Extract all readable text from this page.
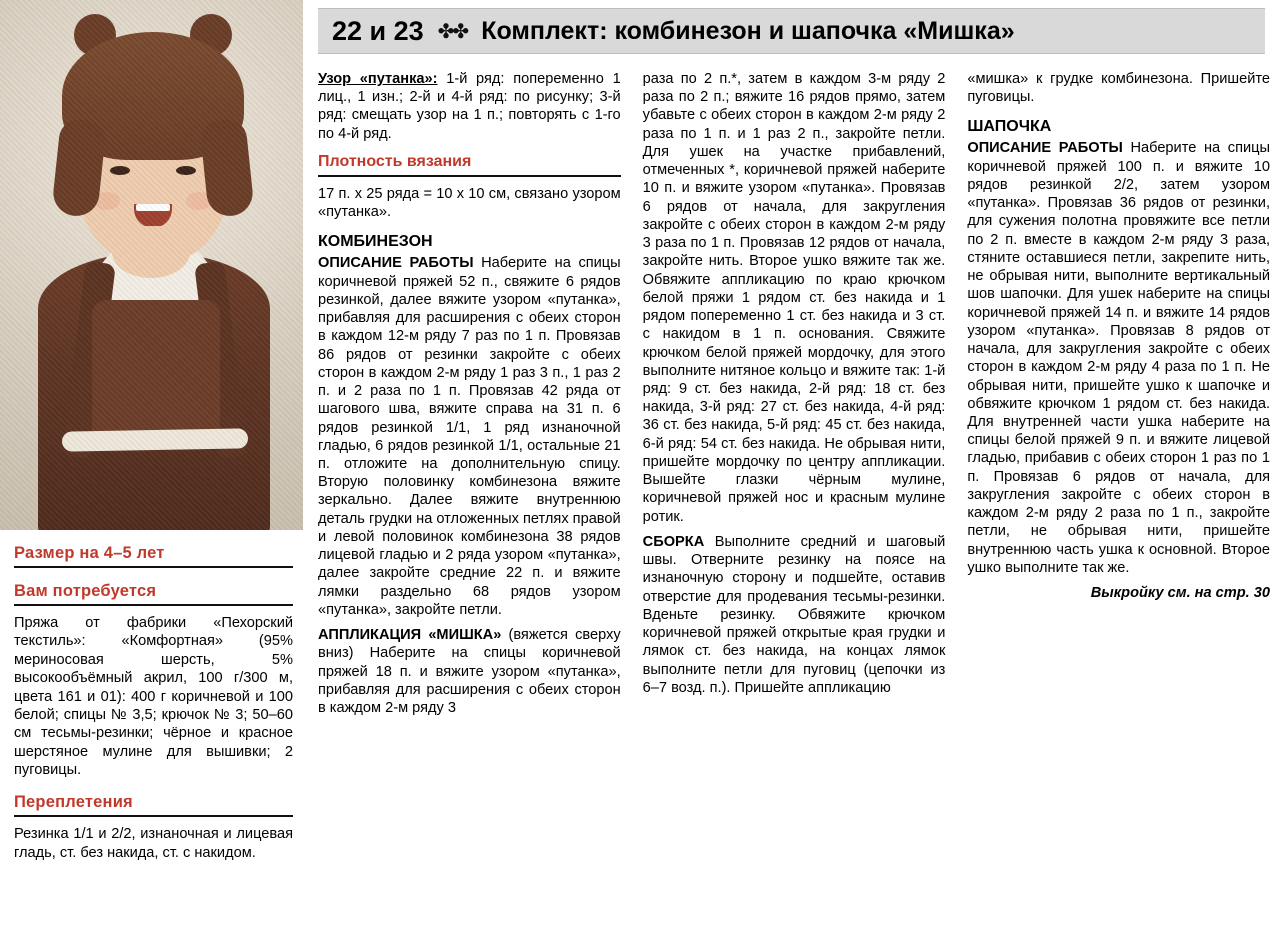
Размер на 4–5 лет
Вам потребуется

Пряжа от фабрики «Пехорский текстиль»: «Комфортная» (95% мериносовая шерсть, 5% высокообъёмный акрил, 100 г/300 м, цвета 161 и 01): 400 г коричневой и 100 белой; спицы № 3,5; крючок № 3; 50–60 см тесьмы-резинки; чёрное и красное шерстяное мулине для вышивки; 2 пуговицы.

Переплетения

Резинка 1/1 и 2/2, изнаночная и лицевая гладь, ст. без накида, ст. с накидом.

22 и 23 ✤✤ Комплект: комбинезон и шапочка «Мишка»

Узор «путанка»: 1-й ряд: попеременно 1 лиц., 1 изн.; 2-й и 4-й ряд: по рисунку; 3-й ряд: смещать узор на 1 п.; повторять с 1-го по 4-й ряд.

Плотность вязания

17 п. х 25 ряда = 10 х 10 см, связано узором «путанка».

КОМБИНЕЗОН

ОПИСАНИЕ РАБОТЫ Наберите на спицы коричневой пряжей 52 п., свяжите 6 рядов резинкой, далее вяжите узором «путанка», прибавляя для расширения с обеих сторон в каждом 12-м ряду 7 раз по 1 п. Провязав 86 рядов от резинки закройте с обеих сторон в каждом 2-м ряду 1 раз 3 п., 1 раз 2 п. и 2 раза по 1 п. Провязав 42 ряда от шагового шва, вяжите справа на 31 п. 6 рядов резинкой 1/1, 1 ряд изнаночной гладью, 6 рядов резинкой 1/1, остальные 21 п. отложите на дополнительную спицу. Вторую половинку комбинезона вяжите зеркально. Далее вяжите внутреннюю деталь грудки на отложенных петлях правой и левой половинок комбинезона 38 рядов лицевой гладью и 2 ряда узором «путанка», далее закройте средние 22 п. и вяжите лямки раздельно 68 рядов узором «путанка», закройте петли.

АППЛИКАЦИЯ «МИШКА» (вяжется сверху вниз) Наберите на спицы коричневой пряжей 18 п. и вяжите узором «путанка», прибавляя для расширения с обеих сторон в каждом 2-м ряду 3

раза по 2 п.*, затем в каждом 3-м ряду 2 раза по 2 п.; вяжите 16 рядов прямо, затем убавьте с обеих сторон в каждом 2-м ряду 2 раза по 1 п. и 1 раз 2 п., закройте петли. Для ушек на участке прибавлений, отмеченных *, коричневой пряжей наберите 10 п. и вяжите узором «путанка». Провязав 6 рядов от начала, для закругления закройте с обеих сторон в каждом 2-м ряду 3 раза по 1 п. Провязав 12 рядов от начала, закройте нить. Второе ушко вяжите так же. Обвяжите аппликацию по краю крючком белой пряжи 1 рядом ст. без накида и 1 рядом попеременно 1 ст. без накида и 3 ст. с накидом в 1 п. основания. Свяжите крючком белой пряжей мордочку, для этого выполните нитяное кольцо и вяжите так: 1-й ряд: 9 ст. без накида, 2-й ряд: 18 ст. без накида, 3-й ряд: 27 ст. без накида, 4-й ряд: 36 ст. без накида, 5-й ряд: 45 ст. без накида, 6-й ряд: 54 ст. без накида. Не обрывая нити, пришейте мордочку по центру аппликации. Вышейте глазки чёрным мулине, коричневой пряжей нос и красным мулине ротик.

СБОРКА Выполните средний и шаговый швы. Отверните резинку на поясе на изнаночную сторону и подшейте, оставив отверстие для продевания тесьмы-резинки. Вденьте резинку. Обвяжите крючком коричневой пряжей открытые края грудки и лямок ст. без накида, на концах лямок выполните петли для пуговиц (цепочки из 6–7 возд. п.). Пришейте аппликацию

«мишка» к грудке комбинезона. Пришейте пуговицы.

ШАПОЧКА

ОПИСАНИЕ РАБОТЫ Наберите на спицы коричневой пряжей 100 п. и вяжите 10 рядов резинкой 2/2, затем узором «путанка». Провязав 36 рядов от резинки, для сужения полотна провяжите все петли по 2 п. вместе в каждом 2-м ряду 3 раза, стяните оставшиеся петли, закрепите нить, не обрывая нити, выполните вертикальный шов шапочки. Для ушек наберите на спицы коричневой пряжей 14 п. и вяжите 14 рядов узором «путанка». Провязав 8 рядов от начала, для закругления закройте с обеих сторон в каждом 2-м ряду 4 раза по 1 п. Не обрывая нити, пришейте ушко к шапочке и обвяжите крючком 1 рядом ст. без накида. Для внутренней части ушка наберите на спицы белой пряжей 9 п. и вяжите лицевой гладью, прибавив с обеих сторон 1 раз по 1 п. Провязав 6 рядов от начала, для закругления закройте с обеих сторон в каждом 2-м ряду 2 раза по 1 п., закройте петли, не обрывая нити, пришейте внутреннюю часть ушка к основной. Второе ушко выполните так же.

Выкройку см. на стр. 30
